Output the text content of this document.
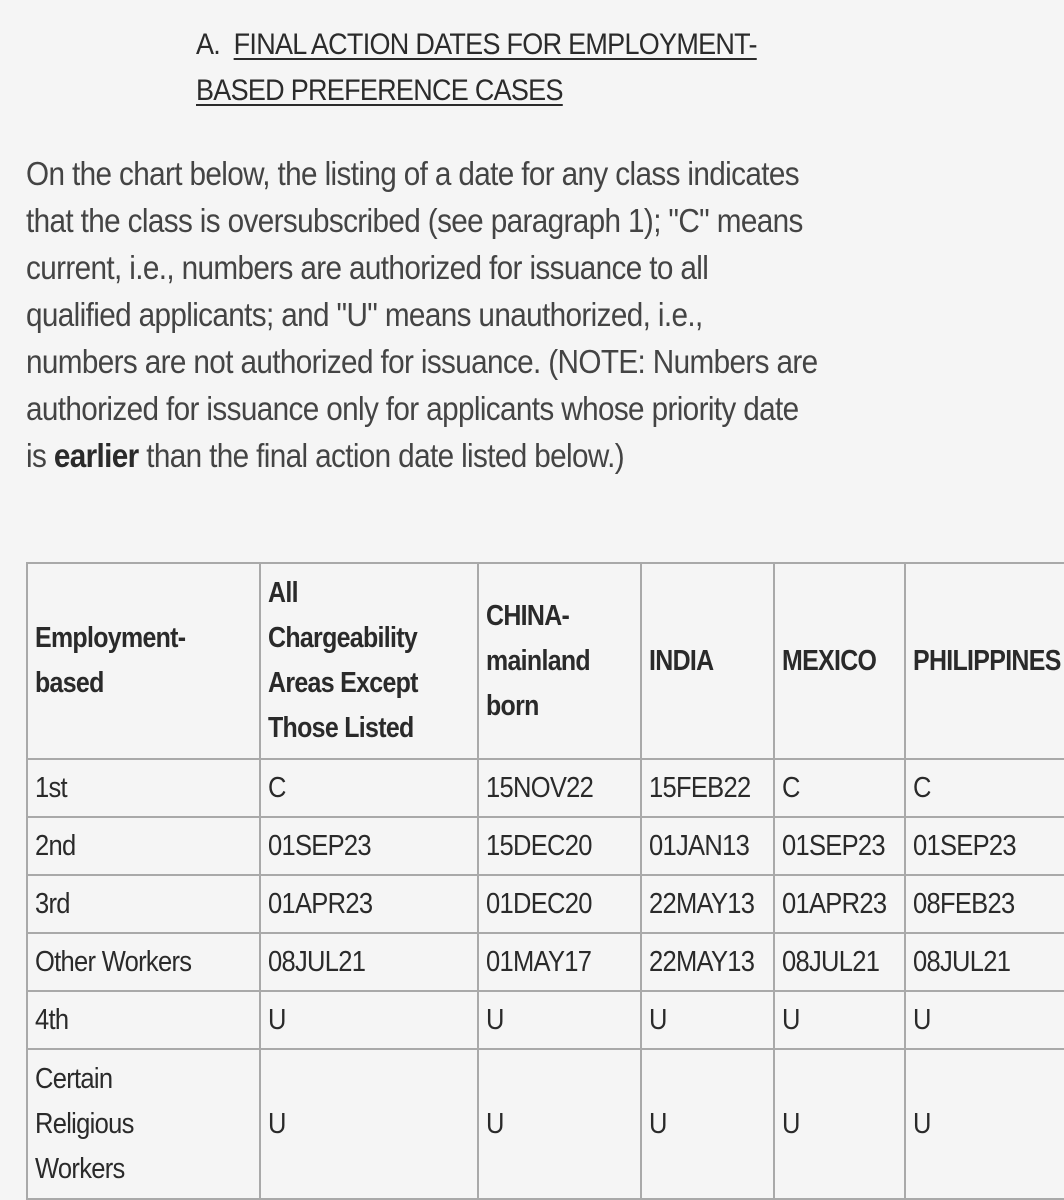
A. FINAL ACTION DATES FOR EMPLOYMENT-BASED PREFERENCE CASES

On the chart below, the listing of a date for any class indicates that the class is oversubscribed (see paragraph 1); "C" means current, i.e., numbers are authorized for issuance to all qualified applicants; and "U" means unauthorized, i.e., numbers are not authorized for issuance. (NOTE: Numbers are authorized for issuance only for applicants whose priority date is earlier than the final action date listed below.)

Employment-based	All Chargeability Areas Except Those Listed	CHINA-mainland born	INDIA	MEXICO	PHILIPPINES
1st	C	15NOV22	15FEB22	C	C
2nd	01SEP23	15DEC20	01JAN13	01SEP23	01SEP23
3rd	01APR23	01DEC20	22MAY13	01APR23	08FEB23
Other Workers	08JUL21	01MAY17	22MAY13	08JUL21	08JUL21
4th	U	U	U	U	U
Certain Religious Workers	U	U	U	U	U
